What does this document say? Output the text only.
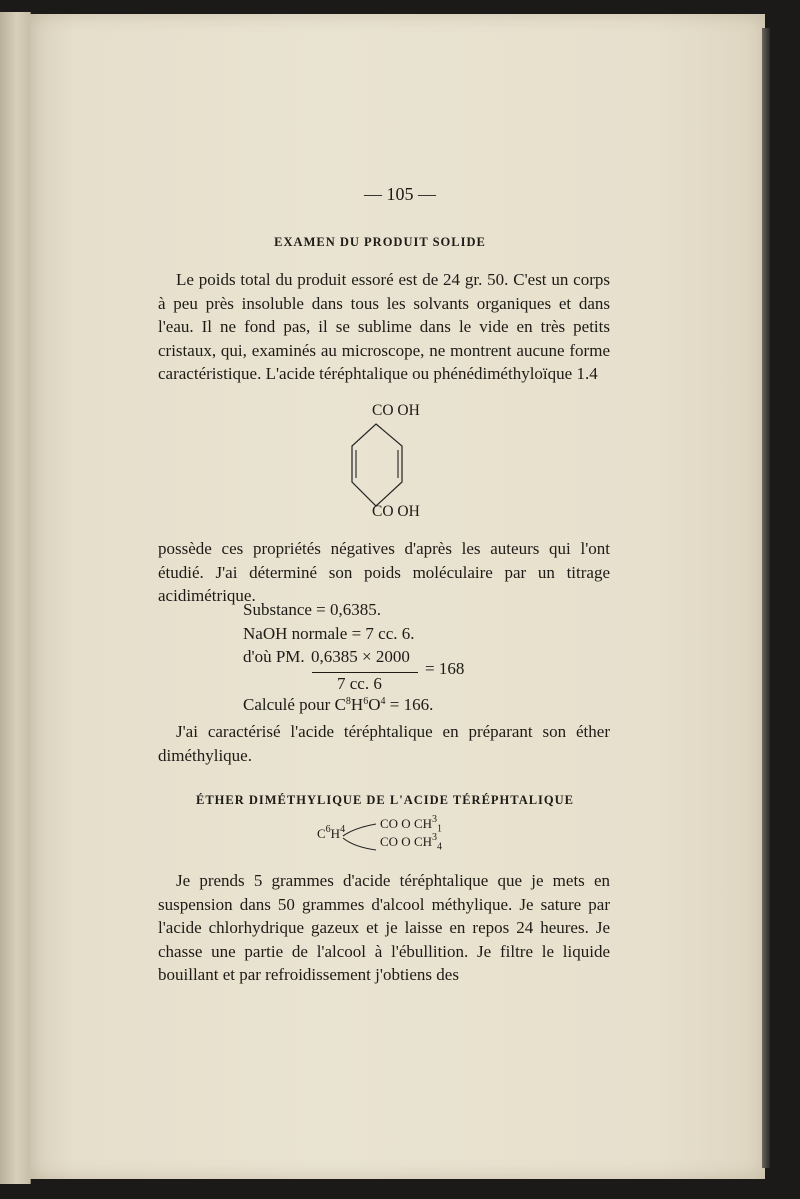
— 105 —
EXAMEN DU PRODUIT SOLIDE
Le poids total du produit essoré est de 24 gr. 50. C'est un corps à peu près insoluble dans tous les solvants organiques et dans l'eau. Il ne fond pas, il se sublime dans le vide en très petits cristaux, qui, examinés au microscope, ne montrent aucune forme caractéristique. L'acide téréphtalique ou phénédiméthyloïque 1.4
CO OH
CO OH
possède ces propriétés négatives d'après les auteurs qui l'ont étudié. J'ai déterminé son poids moléculaire par un titrage acidimétrique.
Substance = 0,6385.
NaOH normale = 7 cc. 6.
d'où PM. 0,6385 × 2000
= 168
7 cc. 6
Calculé pour $C^8H^6O^4 = 166$.
J'ai caractérisé l'acide téréphtalique en préparant son éther diméthylique.
ÉTHER DIMÉTHYLIQUE DE L'ACIDE TÉRÉPHTALIQUE
$C^6H^4$	CO O $CH^3_1$
CO O $CH^3_4$
Je prends 5 grammes d'acide téréphtalique que je mets en suspension dans 50 grammes d'alcool méthylique. Je sature par l'acide chlorhydrique gazeux et je laisse en repos 24 heures. Je chasse une partie de l'alcool à l'ébullition. Je filtre le liquide bouillant et par refroidissement j'obtiens des
